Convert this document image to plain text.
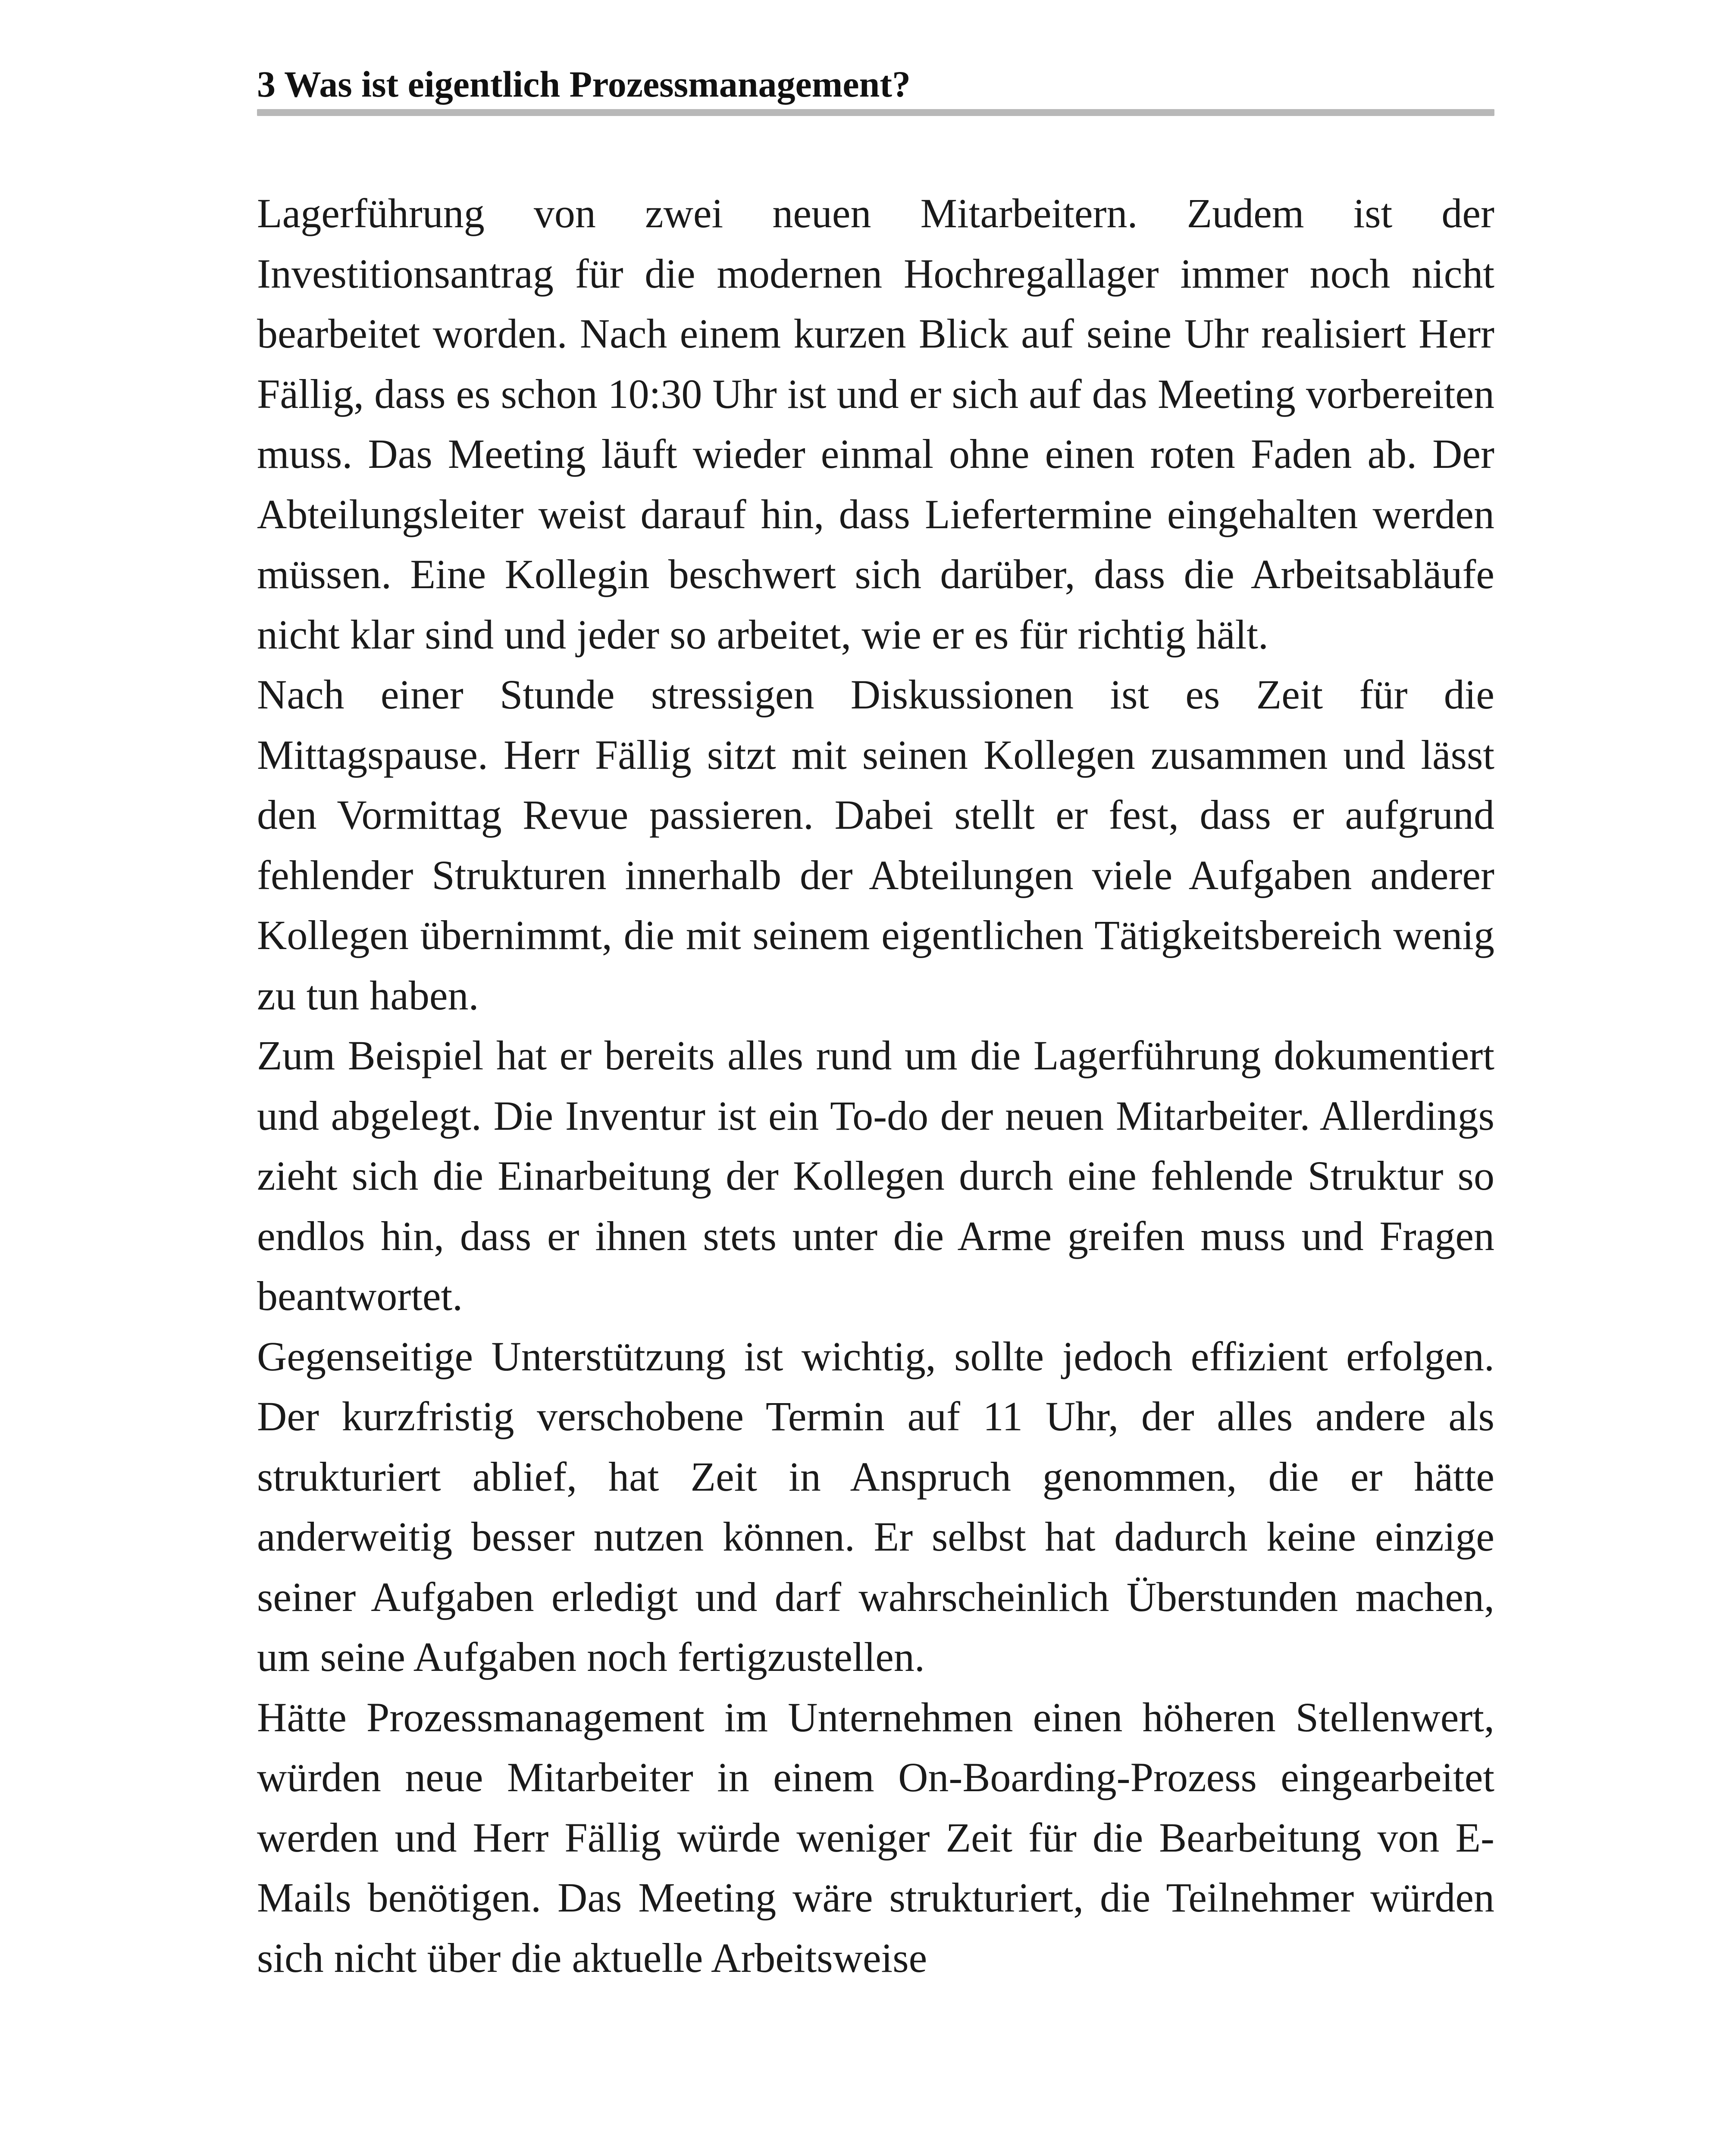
3 Was ist eigentlich Prozessmanagement?

Lagerführung von zwei neuen Mitarbeitern. Zudem ist der Investitionsantrag für die modernen Hochregallager immer noch nicht bearbeitet worden. Nach einem kurzen Blick auf seine Uhr realisiert Herr Fällig, dass es schon 10:30 Uhr ist und er sich auf das Meeting vorbereiten muss. Das Meeting läuft wieder einmal ohne einen roten Faden ab. Der Abteilungsleiter weist darauf hin, dass Liefertermine eingehalten werden müssen. Eine Kollegin beschwert sich darüber, dass die Arbeitsabläufe nicht klar sind und jeder so arbeitet, wie er es für richtig hält.

Nach einer Stunde stressigen Diskussionen ist es Zeit für die Mittagspause. Herr Fällig sitzt mit seinen Kollegen zusammen und lässt den Vormittag Revue passieren. Dabei stellt er fest, dass er aufgrund fehlender Strukturen innerhalb der Abteilungen viele Aufgaben anderer Kollegen übernimmt, die mit seinem eigentlichen Tätigkeitsbereich wenig zu tun haben.

Zum Beispiel hat er bereits alles rund um die Lagerführung dokumentiert und abgelegt. Die Inventur ist ein To-do der neuen Mitarbeiter. Allerdings zieht sich die Einarbeitung der Kollegen durch eine fehlende Struktur so endlos hin, dass er ihnen stets unter die Arme greifen muss und Fragen beantwortet.

Gegenseitige Unterstützung ist wichtig, sollte jedoch effizient erfolgen. Der kurzfristig verschobene Termin auf 11 Uhr, der alles andere als strukturiert ablief, hat Zeit in Anspruch genommen, die er hätte anderweitig besser nutzen können. Er selbst hat dadurch keine einzige seiner Aufgaben erledigt und darf wahrscheinlich Überstunden machen, um seine Aufgaben noch fertigzustellen.

Hätte Prozessmanagement im Unternehmen einen höheren Stellenwert, würden neue Mitarbeiter in einem On-Boarding-Prozess eingearbeitet werden und Herr Fällig würde weniger Zeit für die Bearbeitung von E-Mails benötigen. Das Meeting wäre strukturiert, die Teilnehmer würden sich nicht über die aktuelle Arbeitsweise
